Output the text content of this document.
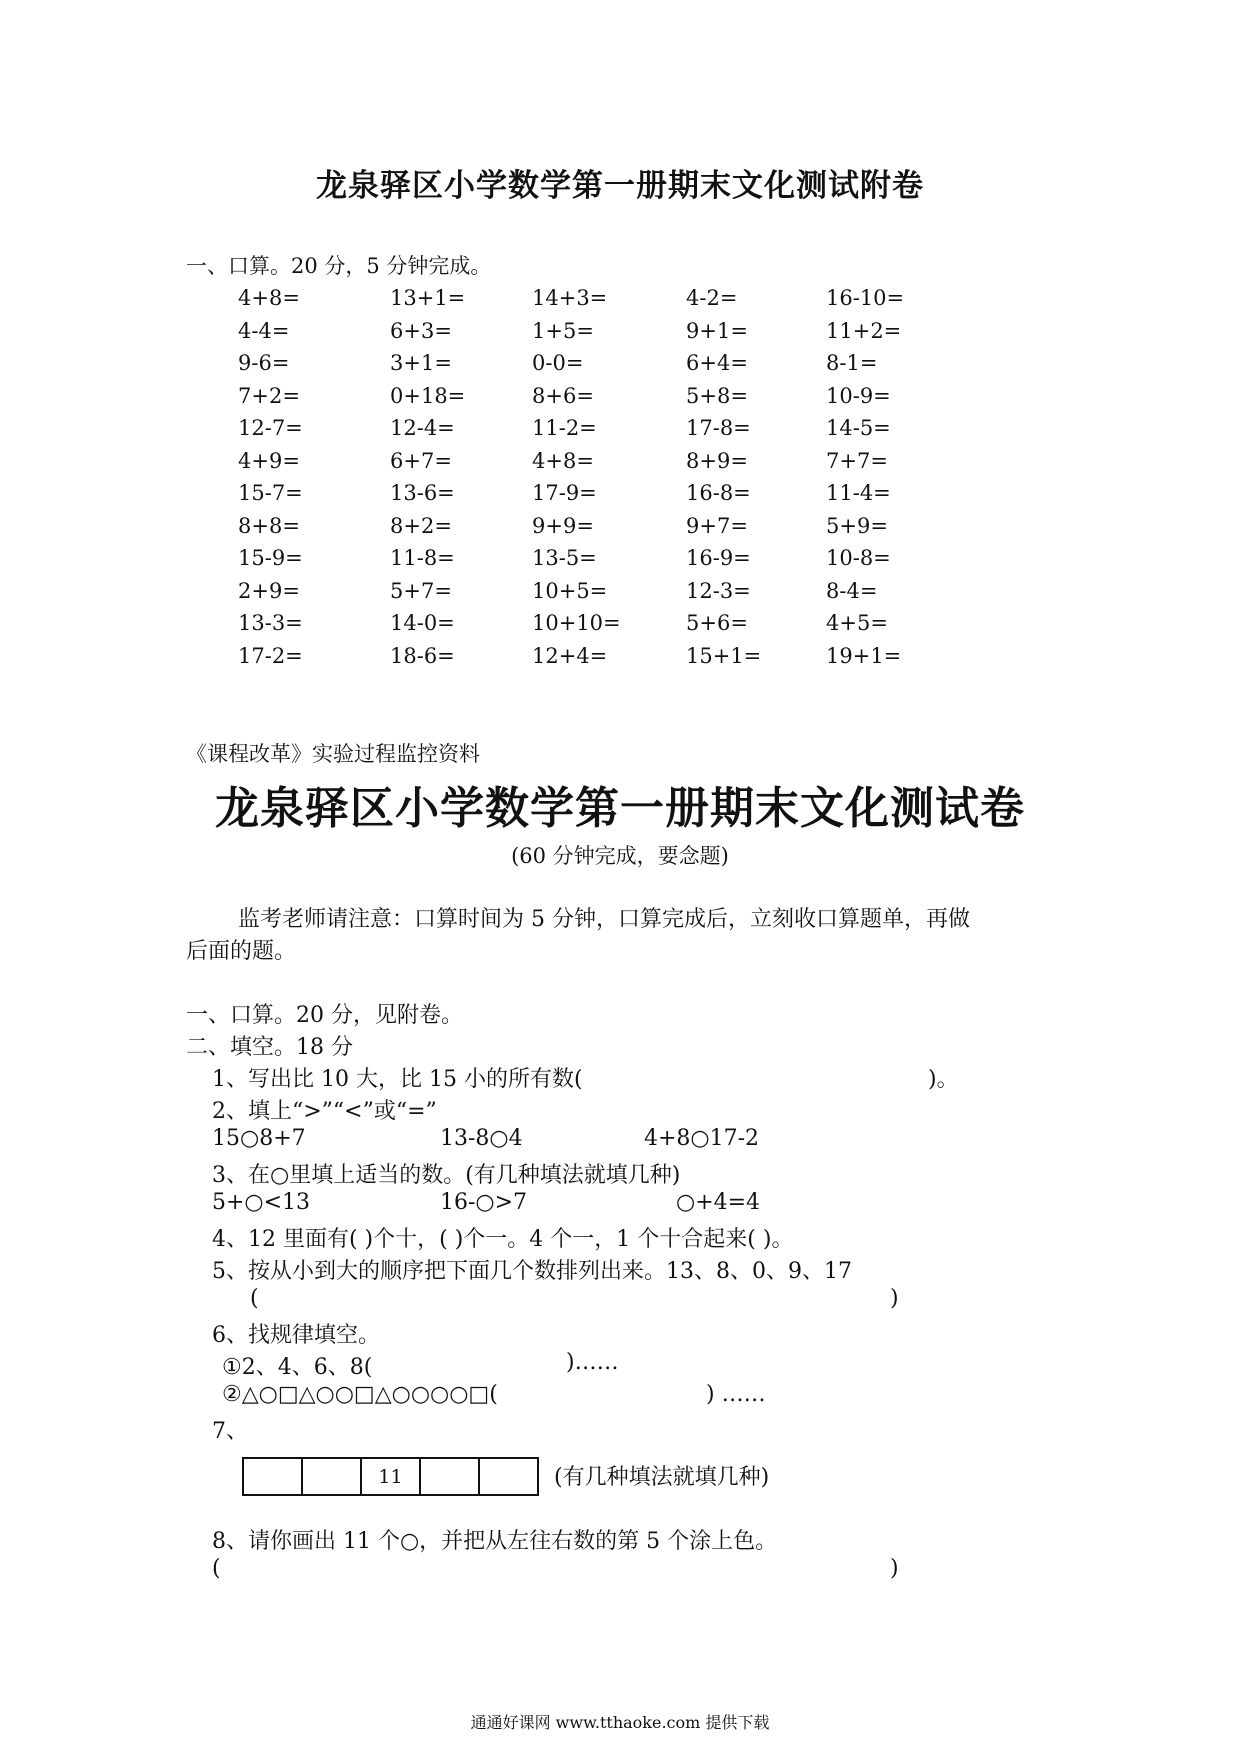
龙泉驿区小学数学第一册期末文化测试附卷
一、口算。20 分，5 分钟完成。
4+8=	13+1=	14+3=	4-2=	16-10=
4-4=	6+3=	1+5=	9+1=	11+2=
9-6=	3+1=	0-0=	6+4=	8-1=
7+2=	0+18=	8+6=	5+8=	10-9=
12-7=	12-4=	11-2=	17-8=	14-5=
4+9=	6+7=	4+8=	8+9=	7+7=
15-7=	13-6=	17-9=	16-8=	11-4=
8+8=	8+2=	9+9=	9+7=	5+9=
15-9=	11-8=	13-5=	16-9=	10-8=
2+9=	5+7=	10+5=	12-3=	8-4=
13-3=	14-0=	10+10=	5+6=	4+5=
17-2=	18-6=	12+4=	15+1=	19+1=
《课程改革》实验过程监控资料
龙泉驿区小学数学第一册期末文化测试卷
(60 分钟完成，要念题)
监考老师请注意：口算时间为 5 分钟，口算完成后，立刻收口算题单，再做
后面的题。
一、口算。20 分，见附卷。
二、填空。18 分
1、写出比 10 大，比 15 小的所有数(	)。
2、填上“>”“<”或“=”
15○8+7	13-8○4	4+8○17-2
3、在○里填上适当的数。(有几种填法就填几种)
5+○<13	16-○>7	○+4=4
4、12 里面有( )个十，( )个一。4 个一，1 个十合起来( )。
5、按从小到大的顺序把下面几个数排列出来。13、8、0、9、17
(	)
6、找规律填空。
①2、4、6、8(	)……
②△○□△○○□△○○○○□(	) ……
7、
11	(有几种填法就填几种)
8、请你画出 11 个○，并把从左往右数的第 5 个涂上色。
(	)
通通好课网 www.tthaoke.com 提供下载
